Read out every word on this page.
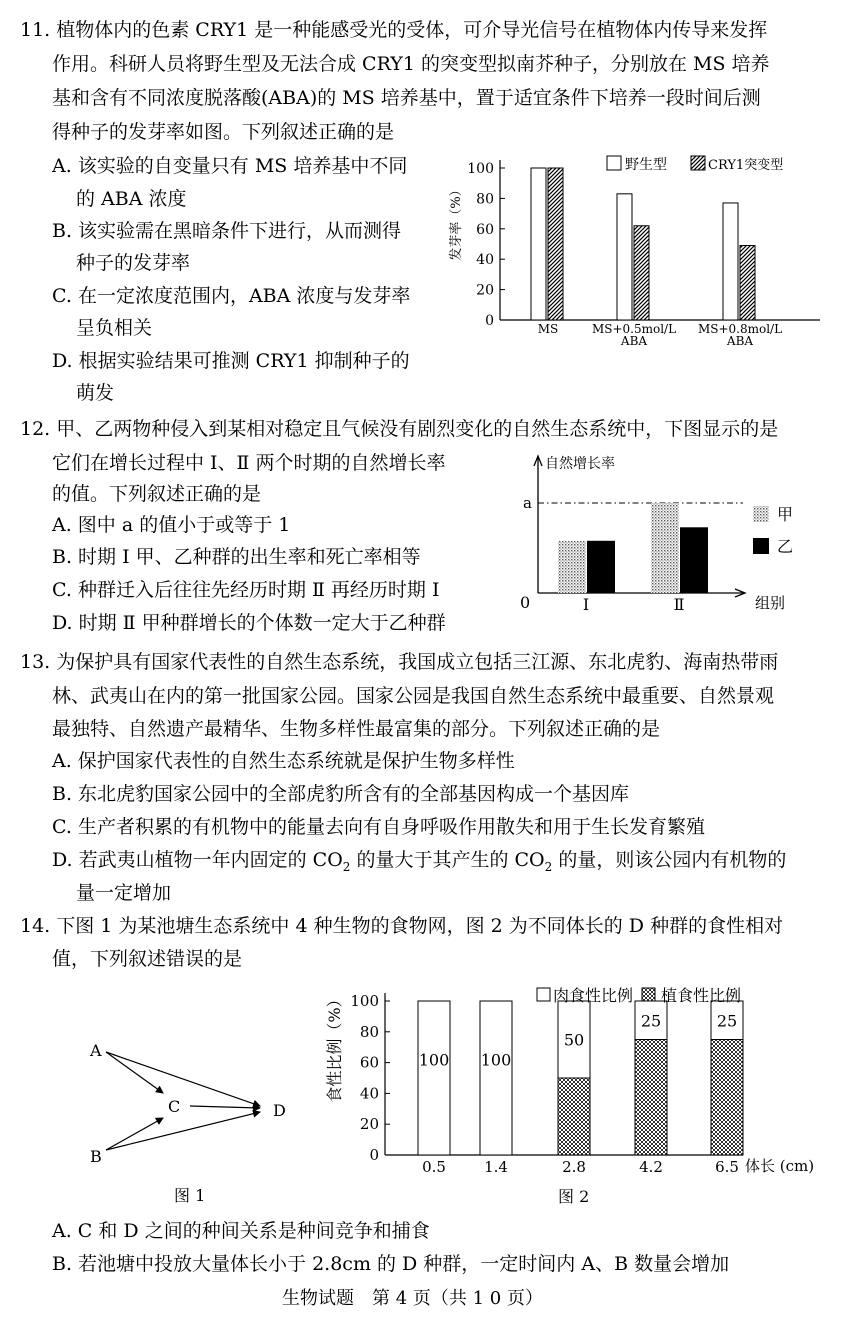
11. 植物体内的色素 CRY1 是一种能感受光的受体，可介导光信号在植物体内传导来发挥
作用。科研人员将野生型及无法合成 CRY1 的突变型拟南芥种子，分别放在 MS 培养
基和含有不同浓度脱落酸(ABA)的 MS 培养基中，置于适宜条件下培养一段时间后测
得种子的发芽率如图。下列叙述正确的是
A. 该实验的自变量只有 MS 培养基中不同
的 ABA 浓度
B. 该实验需在黑暗条件下进行，从而测得
种子的发芽率
C. 在一定浓度范围内，ABA 浓度与发芽率
呈负相关
D. 根据实验结果可推测 CRY1 抑制种子的
萌发
0
20
40
60
80
100
MS	MS+0.5mol/L
ABA
MS+0.8mol/L
ABA
发芽率（%）
野生型	CRY1突变型
12. 甲、乙两物种侵入到某相对稳定且气候没有剧烈变化的自然生态系统中，下图显示的是
它们在增长过程中 Ⅰ、Ⅱ 两个时期的自然增长率
的值。下列叙述正确的是
A. 图中 a 的值小于或等于 1
B. 时期 Ⅰ 甲、乙种群的出生率和死亡率相等
C. 种群迁入后往往先经历时期 Ⅱ 再经历时期 Ⅰ
D. 时期 Ⅱ 甲种群增长的个体数一定大于乙种群
Ⅰ	Ⅱ
自然增长率
0	组别
a
甲
乙
13. 为保护具有国家代表性的自然生态系统，我国成立包括三江源、东北虎豹、海南热带雨
林、武夷山在内的第一批国家公园。国家公园是我国自然生态系统中最重要、自然景观
最独特、自然遗产最精华、生物多样性最富集的部分。下列叙述正确的是
A. 保护国家代表性的自然生态系统就是保护生物多样性
B. 东北虎豹国家公园中的全部虎豹所含有的全部基因构成一个基因库
C. 生产者积累的有机物中的能量去向有自身呼吸作用散失和用于生长发育繁殖
D. 若武夷山植物一年内固定的 $CO_2$ 的量大于其产生的 $CO_2$ 的量，则该公园内有机物的
量一定增加
14. 下图 1 为某池塘生态系统中 4 种生物的食物网，图 2 为不同体长的 D 种群的食性相对
值，下列叙述错误的是
A
B
C	D
图 1
0
20
40
60
80
100
100
0.5
100
1.4
50
2.8
25
4.2
25
6.5
食性比例（%）	肉食性比例 植食性比例
体长 (cm)
图 2
A. C 和 D 之间的种间关系是种间竞争和捕食
B. 若池塘中投放大量体长小于 2.8cm 的 D 种群，一定时间内 A、B 数量会增加
生物试题　第 4 页（共 1 0 页）
